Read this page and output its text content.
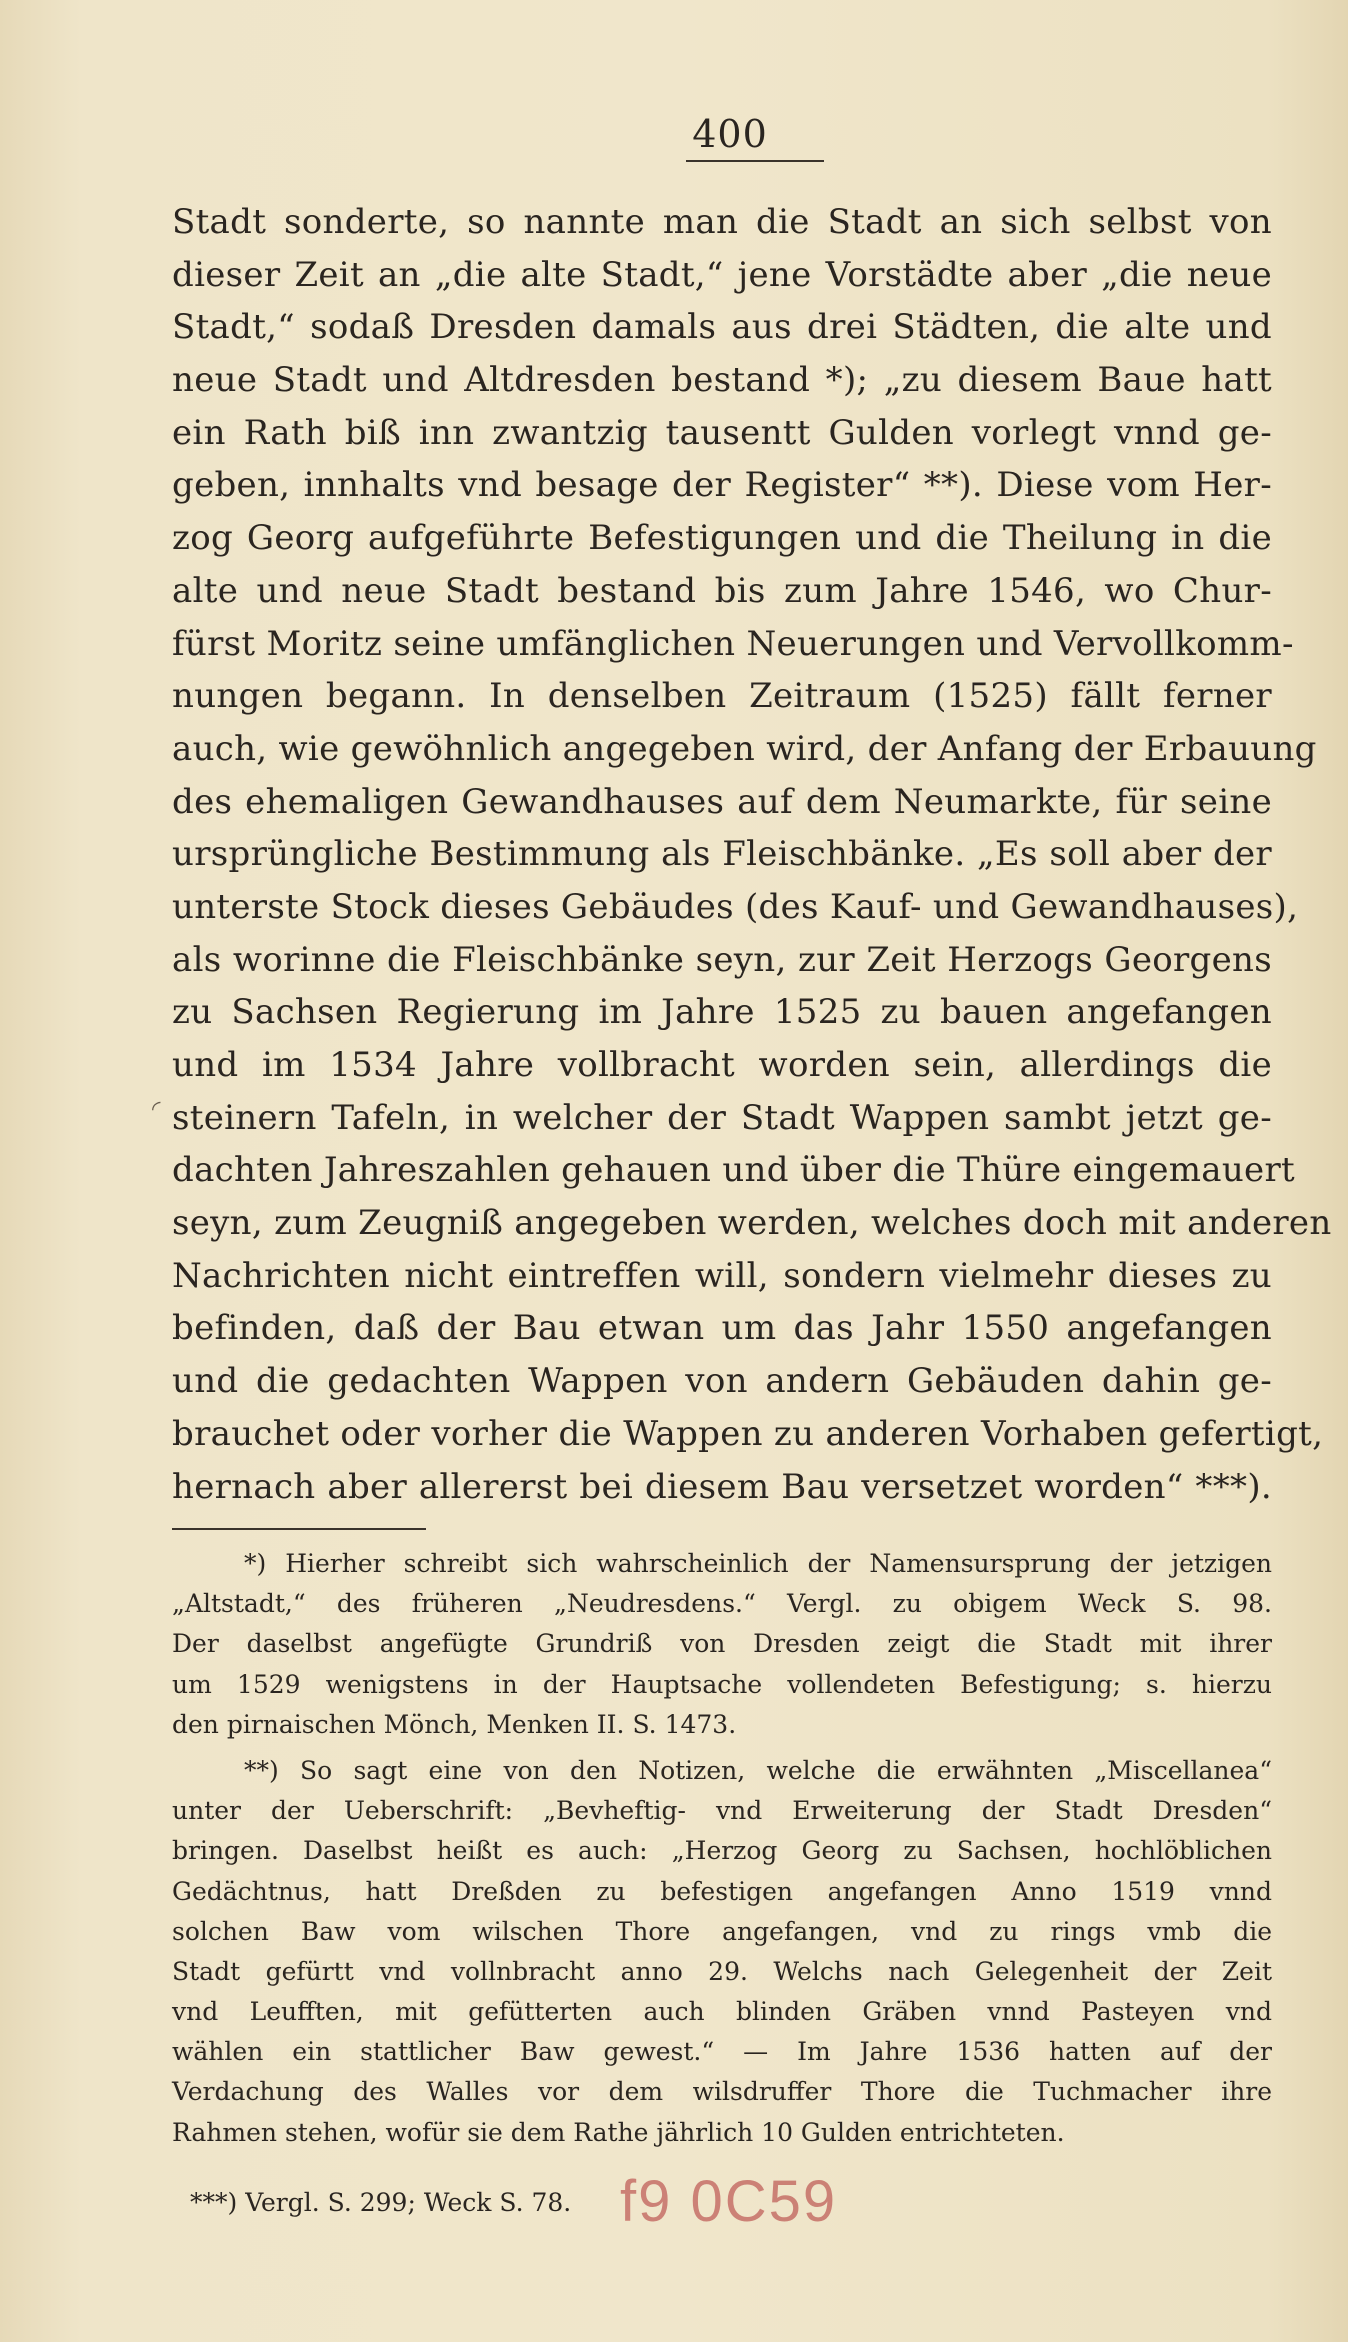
400
Stadt sonderte, so nannte man die Stadt an sich selbst von
dieser Zeit an „die alte Stadt,“ jene Vorstädte aber „die neue
Stadt,“ sodaß Dresden damals aus drei Städten, die alte und
neue Stadt und Altdresden bestand *); „zu diesem Baue hatt
ein Rath biß inn zwantzig tausentt Gulden vorlegt vnnd ge-
geben, innhalts vnd besage der Register“ **). Diese vom Her-
zog Georg aufgeführte Befestigungen und die Theilung in die
alte und neue Stadt bestand bis zum Jahre 1546, wo Chur-
fürst Moritz seine umfänglichen Neuerungen und Vervollkomm-
nungen begann. In denselben Zeitraum (1525) fällt ferner
auch, wie gewöhnlich angegeben wird, der Anfang der Erbauung
des ehemaligen Gewandhauses auf dem Neumarkte, für seine
ursprüngliche Bestimmung als Fleischbänke. „Es soll aber der
unterste Stock dieses Gebäudes (des Kauf- und Gewandhauses),
als worinne die Fleischbänke seyn, zur Zeit Herzogs Georgens
zu Sachsen Regierung im Jahre 1525 zu bauen angefangen
und im 1534 Jahre vollbracht worden sein, allerdings die
steinern Tafeln, in welcher der Stadt Wappen sambt jetzt ge-
dachten Jahreszahlen gehauen und über die Thüre eingemauert
seyn, zum Zeugniß angegeben werden, welches doch mit anderen
Nachrichten nicht eintreffen will, sondern vielmehr dieses zu
befinden, daß der Bau etwan um das Jahr 1550 angefangen
und die gedachten Wappen von andern Gebäuden dahin ge-
brauchet oder vorher die Wappen zu anderen Vorhaben gefertigt,
hernach aber allererst bei diesem Bau versetzet worden“ ***).
◜
*) Hierher schreibt sich wahrscheinlich der Namensursprung der jetzigen
„Altstadt,“ des früheren „Neudresdens.“ Vergl. zu obigem Weck S. 98.
Der daselbst angefügte Grundriß von Dresden zeigt die Stadt mit ihrer
um 1529 wenigstens in der Hauptsache vollendeten Befestigung; s. hierzu
den pirnaischen Mönch, Menken II. S. 1473.
**) So sagt eine von den Notizen, welche die erwähnten „Miscellanea“
unter der Ueberschrift: „Bevheftig- vnd Erweiterung der Stadt Dresden“
bringen. Daselbst heißt es auch: „Herzog Georg zu Sachsen, hochlöblichen
Gedächtnus, hatt Dreßden zu befestigen angefangen Anno 1519 vnnd
solchen Baw vom wilschen Thore angefangen, vnd zu rings vmb die
Stadt gefürtt vnd vollnbracht anno 29. Welchs nach Gelegenheit der Zeit
vnd Leufften, mit gefütterten auch blinden Gräben vnnd Pasteyen vnd
wählen ein stattlicher Baw gewest.“ — Im Jahre 1536 hatten auf der
Verdachung des Walles vor dem wilsdruffer Thore die Tuchmacher ihre
Rahmen stehen, wofür sie dem Rathe jährlich 10 Gulden entrichteten.
***) Vergl. S. 299; Weck S. 78. f9 0C59
